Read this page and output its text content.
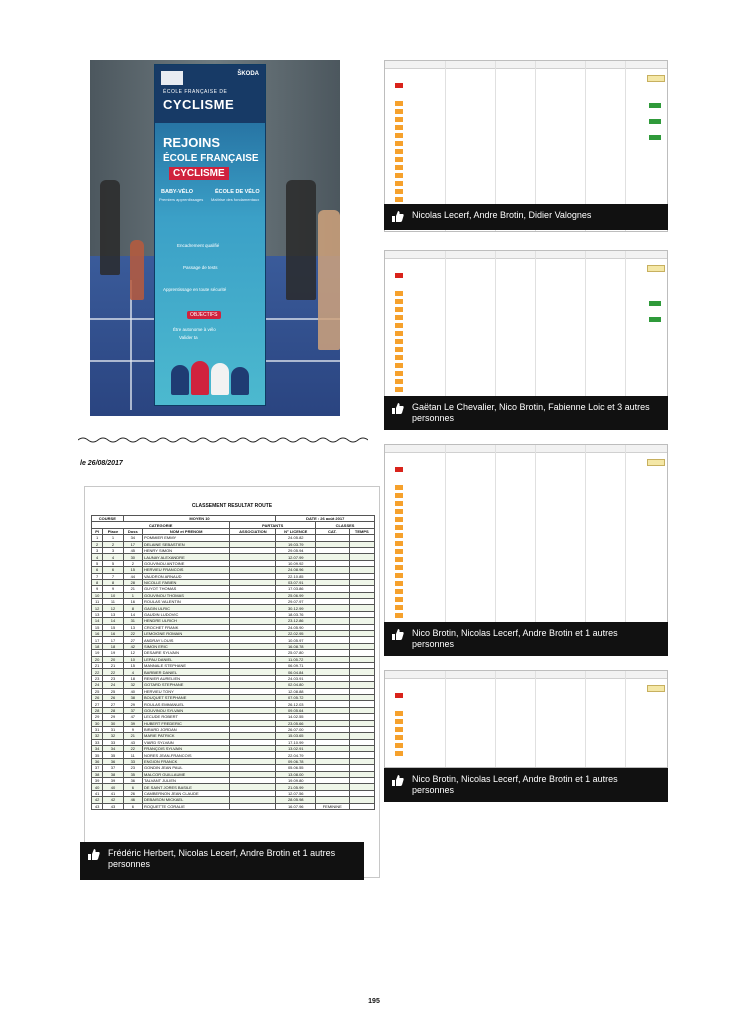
ŠKODA
ÉCOLE FRANÇAISE DE
CYCLISME
REJOINS
ÉCOLE FRANÇAISE
CYCLISME
BABY-VÉLO
Premiers apprentissages
ÉCOLE DE VÉLO
Maîtrise des fondamentaux
Encadrement qualifié
Passage de tests
Apprentissage en toute sécurité
OBJECTIFS
Être autonome à vélo
Valider ta
le 26/08/2017
Nicolas Lecerf, Andre Brotin, Didier Valognes
Gaëtan Le Chevalier, Nico Brotin, Fabienne Loic et 3 autres personnes
Nico Brotin, Nicolas Lecerf, Andre Brotin et 1 autres personnes
Nico Brotin, Nicolas Lecerf, Andre Brotin et 1 autres personnes
CLASSEMENT RESULTAT ROUTE
COURSE		MOYEN 10			DATE : 26 août 2017		
CATEGORIE				PARTANTS		CLASSES	
Pl	Place	Doss	NOM et PRENOM	ASSOCIATION	N° LICENCE	CAT.	TEMPS
1	1	34	POMMIER EMMY		24.05.82		
2	2	17	DELAINE SEBASTIEN		19.03.79		
3	3	45	HENRY SIMON		29.05.94		
4	4	30	LAUNAY ALEXANDRE		12.07.99		
5	5	2	GOUVINOU ANTOINE		10.09.92		
6	6	15	HERVIEU FRANCOIS		24.08.96		
7	7	44	VAUDRON ARNAUD		22.10.85		
8	8	28	NICOLLE FABIEN		03.07.91		
9	9	21	GUYOT THOMAS		17.03.86		
10	10	1	GOUVINOU THOMAS		25.06.99		
11	11	16	ROULAS VALENTIN		29.07.97		
12	12	8	GAGIN ULRIC		30.12.99		
13	13	14	GAUDIN LUDOVIC		18.03.76		
14	14	31	HENDRE ULRICH		23.12.86		
15	15	13	CROCHET FRANK		24.05.90		
16	16	22	LEMOIGNE ROMAIN		22.02.95		
17	17	27	ANDRAY LOUIS		10.05.97		
18	18	42	SIMON ERIC		16.08.78		
19	19	12	DESAIRE SYLVAIN		25.07.80		
20	20	10	LEPAU DANIEL		11.05.72		
21	21	15	MANNALE STEPHANE		06.09.71		
22	22	4	BARBIER DANIEL		06.04.84		
23	23	18	RENIER AURELIEN		24.03.91		
24	24	32	GOTARD STEPHANE		02.04.80		
25	25	40	HERVIEU TONY		12.08.88		
26	26	38	BOUQUET STEPHANE		07.05.72		
27	27	29	ROULAS EMMANUEL		26.12.03		
28	28	37	GOUVINOU SYLVAIN		09.05.64		
29	29	47	LECUDE ROBERT		14.02.55		
30	30	39	HUBERT FREDERIC		23.05.66		
31	31	9	BIRARD JORDAN		26.07.00		
32	32	21	MARIE PATRICK		15.03.65		
33	33	43	VIARD SYLVAIN		17.10.99		
34	34	22	FRANÇOIS SYLVAIN		13.02.91		
35	35	11	NORES JEAN-FRANCOIS		22.04.79		
36	36	33	ENGION FRANCK		09.06.78		
37	37	23	GONDIN JEAN PAUL		05.06.55		
38	38	35	MALCOR GUILLAUME		13.08.00		
39	39	36	TALVANT JULIEN		19.09.80		
40	40	6	DE SAINT JORES BASILE		21.05.99		
41	41	26	CAMBERNON JEAN CLAUDE		12.07.56		
42	42	46	DEBAISON MICKAEL		28.05.98		
43	43	6	ROQUETTE CORALIE		16.07.96	FEMININE	
Frédéric Herbert, Nicolas Lecerf, Andre Brotin et 1 autres personnes
195
